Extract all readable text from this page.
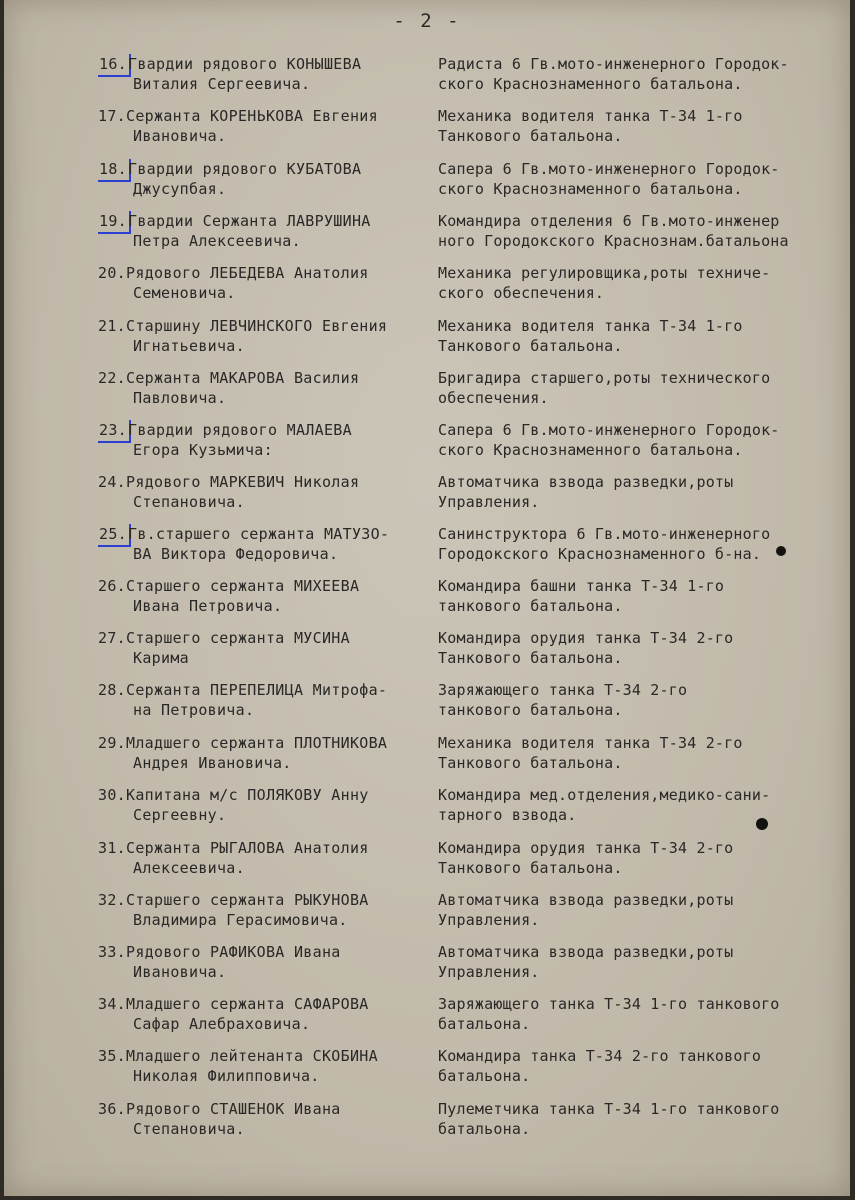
- 2 -
16.Гвардии рядового КОНЫШЕВА
Виталия Сергеевича.
Радиста 6 Гв.мото-инженерного Городок-
ского Краснознаменного батальона.
17.Сержанта КОРЕНЬКОВА Евгения
Ивановича.
Механика водителя танка Т-34 1-го
Танкового батальона.
18.Гвардии рядового КУБАТОВА
Джусупбая.
Сапера 6 Гв.мото-инженерного Городок-
ского Краснознаменного батальона.
19.Гвардии Сержанта ЛАВРУШИНА
Петра Алексеевича.
Командира отделения 6 Гв.мото-инженер
ного Городокского Краснознам.батальона
20.Рядового ЛЕБЕДЕВА Анатолия
Семеновича.
Механика регулировщика,роты техниче-
ского обеспечения.
21.Старшину ЛЕВЧИНСКОГО Евгения
Игнатьевича.
Механика водителя танка Т-34 1-го
Танкового батальона.
22.Сержанта МАКАРОВА Василия
Павловича.
Бригадира старшего,роты технического
обеспечения.
23.Гвардии рядового МАЛАЕВА
Егора Кузьмича:
Сапера 6 Гв.мото-инженерного Городок-
ского Краснознаменного батальона.
24.Рядового МАРКЕВИЧ Николая
Степановича.
Автоматчика взвода разведки,роты
Управления.
25.Гв.старшего сержанта МАТУЗО-
ВА Виктора Федоровича.
Санинструктора 6 Гв.мото-инженерного
Городокского Краснознаменного б-на.
26.Старшего сержанта МИХЕЕВА
Ивана Петровича.
Командира башни танка Т-34 1-го
танкового батальона.
27.Старшего сержанта МУСИНА
Карима
Командира орудия танка Т-34 2-го
Танкового батальона.
28.Сержанта ПЕРЕПЕЛИЦА Митрофа-
на Петровича.
Заряжающего танка Т-34 2-го
танкового батальона.
29.Младшего сержанта ПЛОТНИКОВА
Андрея Ивановича.
Механика водителя танка Т-34 2-го
Танкового батальона.
30.Капитана м/с ПОЛЯКОВУ Анну
Сергеевну.
Командира мед.отделения,медико-сани-
тарного взвода.
31.Сержанта РЫГАЛОВА Анатолия
Алексеевича.
Командира орудия танка Т-34 2-го
Танкового батальона.
32.Старшего сержанта РЫКУНОВА
Владимира Герасимовича.
Автоматчика взвода разведки,роты
Управления.
33.Рядового РАФИКОВА Ивана
Ивановича.
Автоматчика взвода разведки,роты
Управления.
34.Младшего сержанта САФАРОВА
Сафар Алебраховича.
Заряжающего танка Т-34 1-го танкового
батальона.
35.Младшего лейтенанта СКОБИНА
Николая Филипповича.
Командира танка Т-34 2-го танкового
батальона.
36.Рядового СТАШЕНОК Ивана
Степановича.
Пулеметчика танка Т-34 1-го танкового
батальона.
